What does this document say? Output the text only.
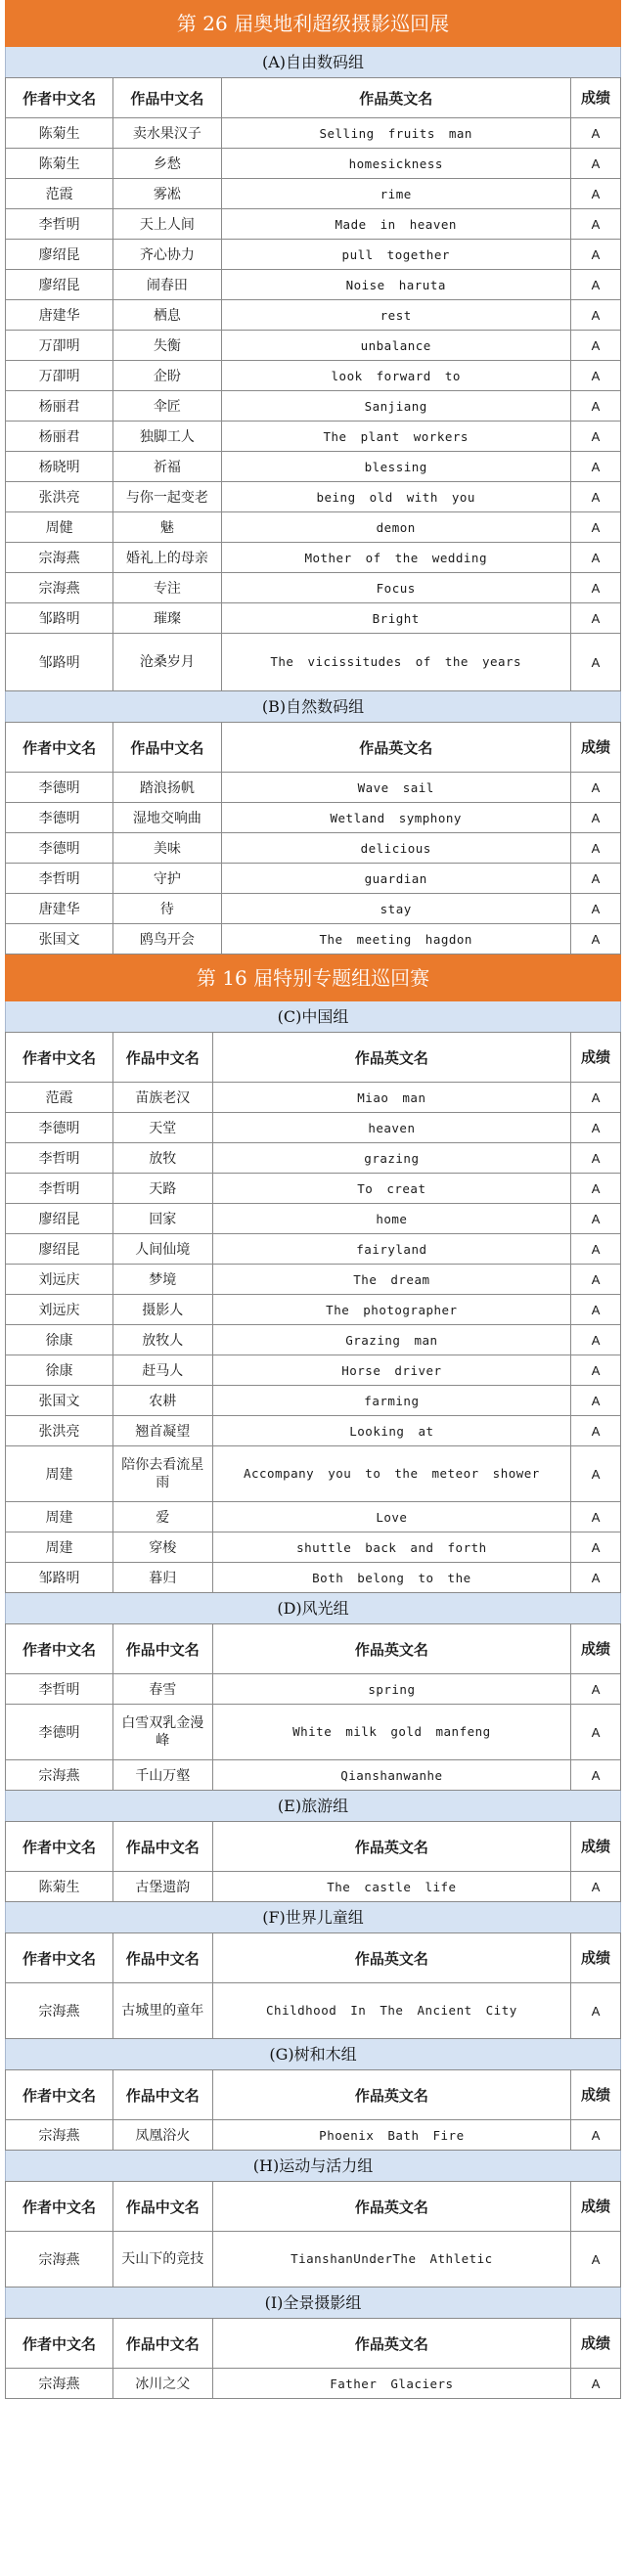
第 26 届奥地利超级摄影巡回展
(A)自由数码组
作者中文名	作品中文名	作品英文名	成绩
陈菊生	卖水果汉子	Selling fruits man	A
陈菊生	乡愁	homesickness	A
范霞	雾凇	rime	A
李哲明	天上人间	Made in heaven	A
廖绍昆	齐心协力	pull together	A
廖绍昆	闹春田	Noise haruta	A
唐建华	栖息	rest	A
万卲明	失衡	unbalance	A
万卲明	企盼	look forward to	A
杨丽君	伞匠	Sanjiang	A
杨丽君	独脚工人	The plant workers	A
杨晓明	祈福	blessing	A
张洪亮	与你一起变老	being old with you	A
周健	魅	demon	A
宗海燕	婚礼上的母亲	Mother of the wedding	A
宗海燕	专注	Focus	A
邹路明	璀璨	Bright	A
邹路明	沧桑岁月	The vicissitudes of the years	A
(B)自然数码组
作者中文名	作品中文名	作品英文名	成绩
李德明	踏浪扬帆	Wave sail	A
李德明	湿地交响曲	Wetland symphony	A
李德明	美味	delicious	A
李哲明	守护	guardian	A
唐建华	待	stay	A
张国文	鸥鸟开会	The meeting hagdon	A
第 16 届特别专题组巡回赛
(C)中国组
作者中文名	作品中文名	作品英文名	成绩
范霞	苗族老汉	Miao man	A
李德明	天堂	heaven	A
李哲明	放牧	grazing	A
李哲明	天路	To creat	A
廖绍昆	回家	home	A
廖绍昆	人间仙境	fairyland	A
刘远庆	梦境	The dream	A
刘远庆	摄影人	The photographer	A
徐康	放牧人	Grazing man	A
徐康	赶马人	Horse driver	A
张国文	农耕	farming	A
张洪亮	翘首凝望	Looking at	A
周建	陪你去看流星雨	Accompany you to the meteor shower	A
周建	爱	Love	A
周建	穿梭	shuttle back and forth	A
邹路明	暮归	Both belong to the	A
(D)风光组
作者中文名	作品中文名	作品英文名	成绩
李哲明	春雪	spring	A
李德明	白雪双乳金漫峰	White milk gold manfeng	A
宗海燕	千山万壑	Qianshanwanhe	A
(E)旅游组
作者中文名	作品中文名	作品英文名	成绩
陈菊生	古堡遗韵	The castle life	A
(F)世界儿童组
作者中文名	作品中文名	作品英文名	成绩
宗海燕	古城里的童年	Childhood In The Ancient City	A
(G)树和木组
作者中文名	作品中文名	作品英文名	成绩
宗海燕	凤凰浴火	Phoenix Bath Fire	A
(H)运动与活力组
作者中文名	作品中文名	作品英文名	成绩
宗海燕	天山下的竞技	TianshanUnderThe Athletic	A
(I)全景摄影组
作者中文名	作品中文名	作品英文名	成绩
宗海燕	冰川之父	Father Glaciers	A
